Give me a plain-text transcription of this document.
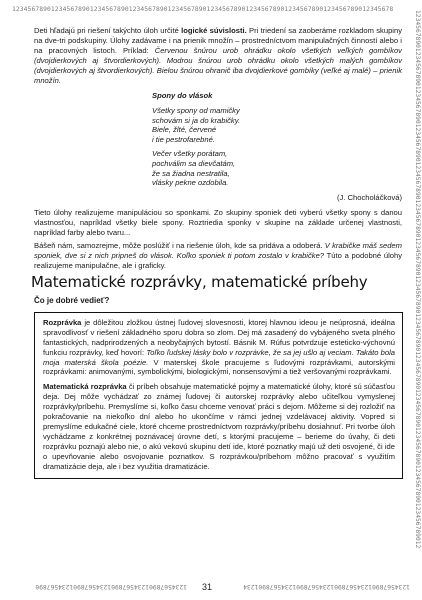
12345678901234567890123456789012345678901234567890123456789012345678901234567890123456789012345678
1234567890123456789012345678901234567890123456789012345678901234567890123456789012345678901234567890123456789012345678901234567890123456789012
1234567890123456789012345678901234567890	12345678901234567890123456789012345678901234
31

Deti hľadajú pri riešení takýchto úloh určité logické súvislosti. Pri triedení sa zaoberáme rozkladom skupiny na dve-tri podskupiny. Úlohy zadávame i na prienik množín – prostredníctvom manipulačných činností alebo i na pracovných listoch. Príklad: Červenou šnúrou urob ohrádku okolo všetkých veľkých gombíkov (dvojdierkových aj štvordierkových). Modrou šnúrou urob ohrádku okolo všetkých malých gombíkov (dvojdierkových aj štvordierkových). Bielou šnúrou ohranič iba dvojdierkové gombíky (veľké aj malé) – prienik množín.

Spony do vlások
Všetky spony od mamičky
schovám si ja do krabičky.
Biele, žlté, červené
i tie pestrofarebné.
Večer všetky porátam,
pochválim sa dievčatám,
že sa žiadna nestratila,
vlásky pekne ozdobila.
(J. Chocholáčková)

Tieto úlohy realizujeme manipuláciou so sponkami. Zo skupiny sponiek deti vyberú všetky spony s danou vlastnosťou, napríklad všetky biele spony. Roztriedia sponky v skupine na základe určenej vlastnosti, napríklad farby alebo tvaru...

Bášeň nám, samozrejme, môže poslúžiť i na riešenie úloh, kde sa pridáva a odoberá. V krabičke máš sedem sponiek, dve si z nich pripneš do vlások. Koľko sponiek ti potom zostalo v krabičke? Túto a podobné úlohy realizujeme manipulačne, ale i graficky.

Matematické rozprávky, matematické príbehy
Čo je dobré vedieť?

Rozprávka je dôležitou zložkou ústnej ľudovej slovesnosti, ktorej hlavnou ideou je neúprosná, ideálna spravodlivosť v riešení základného sporu dobra so zlom. Dej má zasadený do vybájeného sveta plného fantastických, nadprirodzených a neobyčajných bytostí. Básnik M. Rúfus potvrdzuje esteticko-výchovnú funkciu rozprávky, keď hovorí: Toľko ľudskej lásky bolo v rozprávke, že sa jej ušlo aj veciam. Takáto bola moja materská škola poézie. V materskej škole pracujeme s ľudovými rozprávkami, autorskými rozprávkami: animovanými, symbolickými, biologickými, nonsensovými a tiež veršovanými rozprávkami.

Matematická rozprávka či príbeh obsahuje matematické pojmy a matematické úlohy, ktoré sú súčasťou deja. Dej môže vychádzať zo známej ľudovej či autorskej rozprávky alebo učiteľkou vymyslenej rozprávky/príbehu. Premyslíme si, koľko času chceme venovať práci s dejom. Môžeme si dej rozložiť na pokračovanie na niekoľko dní alebo ho ukončíme v rámci jednej vzdelávacej aktivity. Vopred si premyslíme edukačné ciele, ktoré chceme prostredníctvom rozprávky/príbehu dosiahnuť. Pri tvorbe úloh vychádzame z konkrétnej poznávacej úrovne detí, s ktorými pracujeme – berieme do úvahy, či deti rozprávku poznajú alebo nie, o akú vekovú skupinu detí ide, ktoré poznatky majú už deti osvojené, či ide o upevňovanie alebo osvojovanie poznatkov. S rozprávkou/príbehom môžno pracovať s využitím dramatizácie deja, ale i bez využitia dramatizácie.
